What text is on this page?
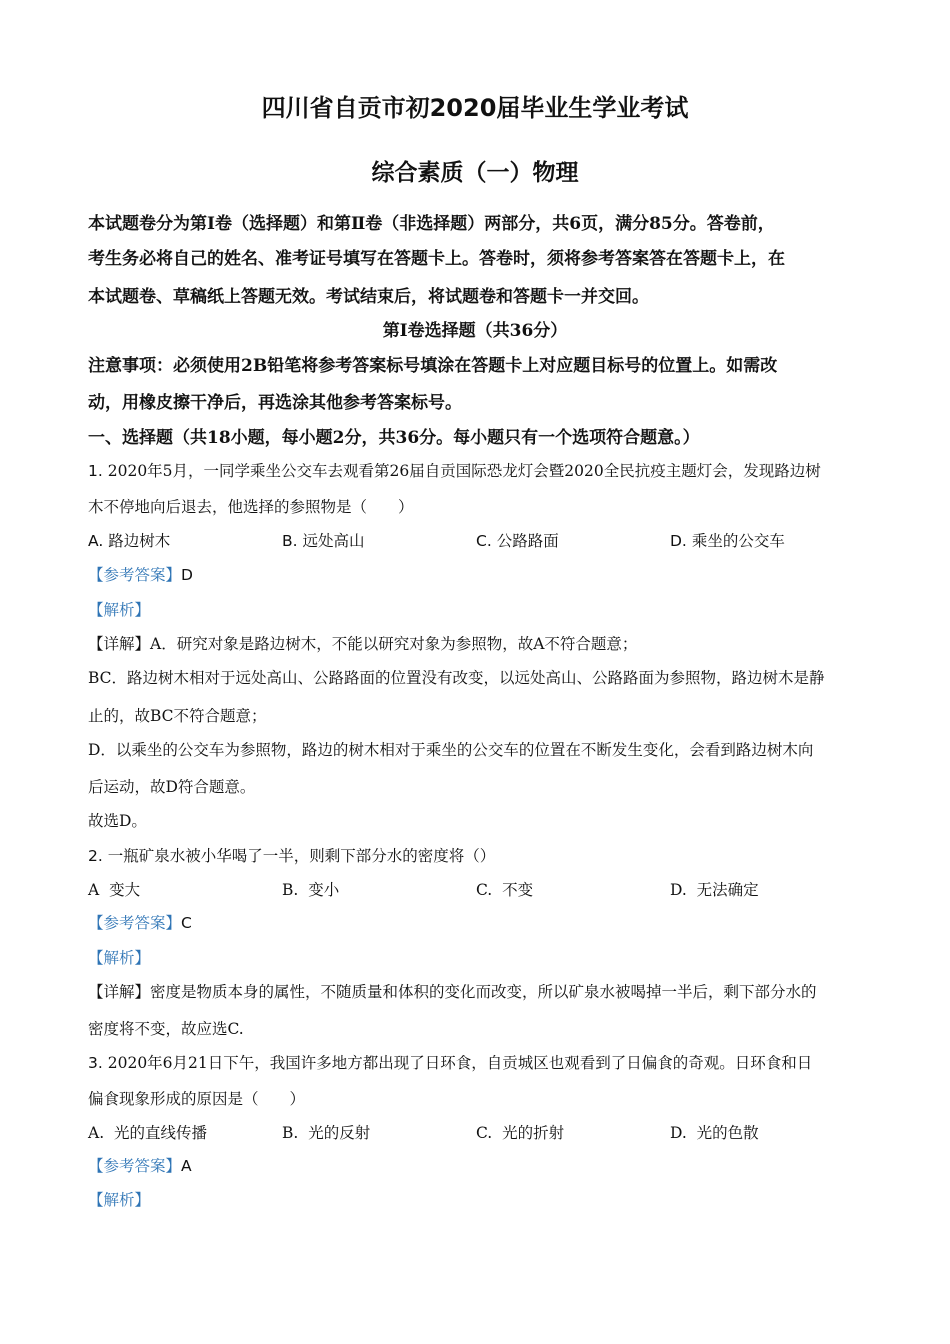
四川省自贡市初2020届毕业生学业考试
综合素质（一）物理
本试题卷分为第Ⅰ卷（选择题）和第Ⅱ卷（非选择题）两部分，共6页，满分85分。答卷前，
考生务必将自己的姓名、准考证号填写在答题卡上。答卷时，须将参考答案答在答题卡上，在
本试题卷、草稿纸上答题无效。考试结束后，将试题卷和答题卡一并交回。
第Ⅰ卷选择题（共36分）
注意事项：必须使用2B铅笔将参考答案标号填涂在答题卡上对应题目标号的位置上。如需改
动，用橡皮擦干净后，再选涂其他参考答案标号。
一、选择题（共18小题，每小题2分，共36分。每小题只有一个选项符合题意。）
1. 2020年5月，一同学乘坐公交车去观看第26届自贡国际恐龙灯会暨2020全民抗疫主题灯会，发现路边树
木不停地向后退去，他选择的参照物是（　　）
A. 路边树木	B. 远处高山	C. 公路路面	D. 乘坐的公交车
【参考答案】D
【解析】
【详解】A．研究对象是路边树木，不能以研究对象为参照物，故A不符合题意；
BC．路边树木相对于远处高山、公路路面的位置没有改变，以远处高山、公路路面为参照物，路边树木是静
止的，故BC不符合题意；
D．以乘坐的公交车为参照物，路边的树木相对于乘坐的公交车的位置在不断发生变化，会看到路边树木向
后运动，故D符合题意。
故选D。
2. 一瓶矿泉水被小华喝了一半，则剩下部分水的密度将（）
A 变大	B. 变小	C. 不变	D. 无法确定
【参考答案】C
【解析】
【详解】密度是物质本身的属性，不随质量和体积的变化而改变，所以矿泉水被喝掉一半后，剩下部分水的
密度将不变，故应选C.
3. 2020年6月21日下午，我国许多地方都出现了日环食，自贡城区也观看到了日偏食的奇观。日环食和日
偏食现象形成的原因是（　　）
A. 光的直线传播	B. 光的反射	C. 光的折射	D. 光的色散
【参考答案】A
【解析】
